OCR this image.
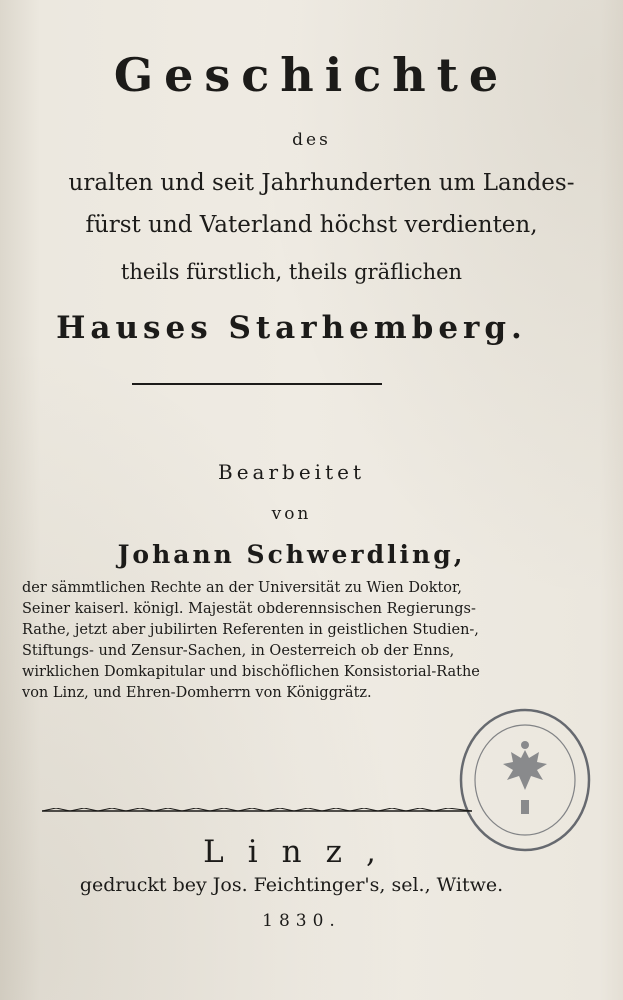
Geschichte
des
uralten und seit Jahrhunderten um Landes-
fürst und Vaterland höchst verdienten,
theils fürstlich, theils gräflichen
Hauses Starhemberg.
Bearbeitet
von
Johann Schwerdling,
der sämmtlichen Rechte an der Universität zu Wien Doktor,
Seiner kaiserl. königl. Majestät obderennsischen Regierungs-
Rathe, jetzt aber jubilirten Referenten in geistlichen Studien-,
Stiftungs- und Zensur-Sachen, in Oesterreich ob der Enns,
wirklichen Domkapitular und bischöflichen Konsistorial-Rathe
von Linz, und Ehren-Domherrn von Königgrätz.
Linz,
gedruckt bey Jos. Feichtinger's, sel., Witwe.
1830.
